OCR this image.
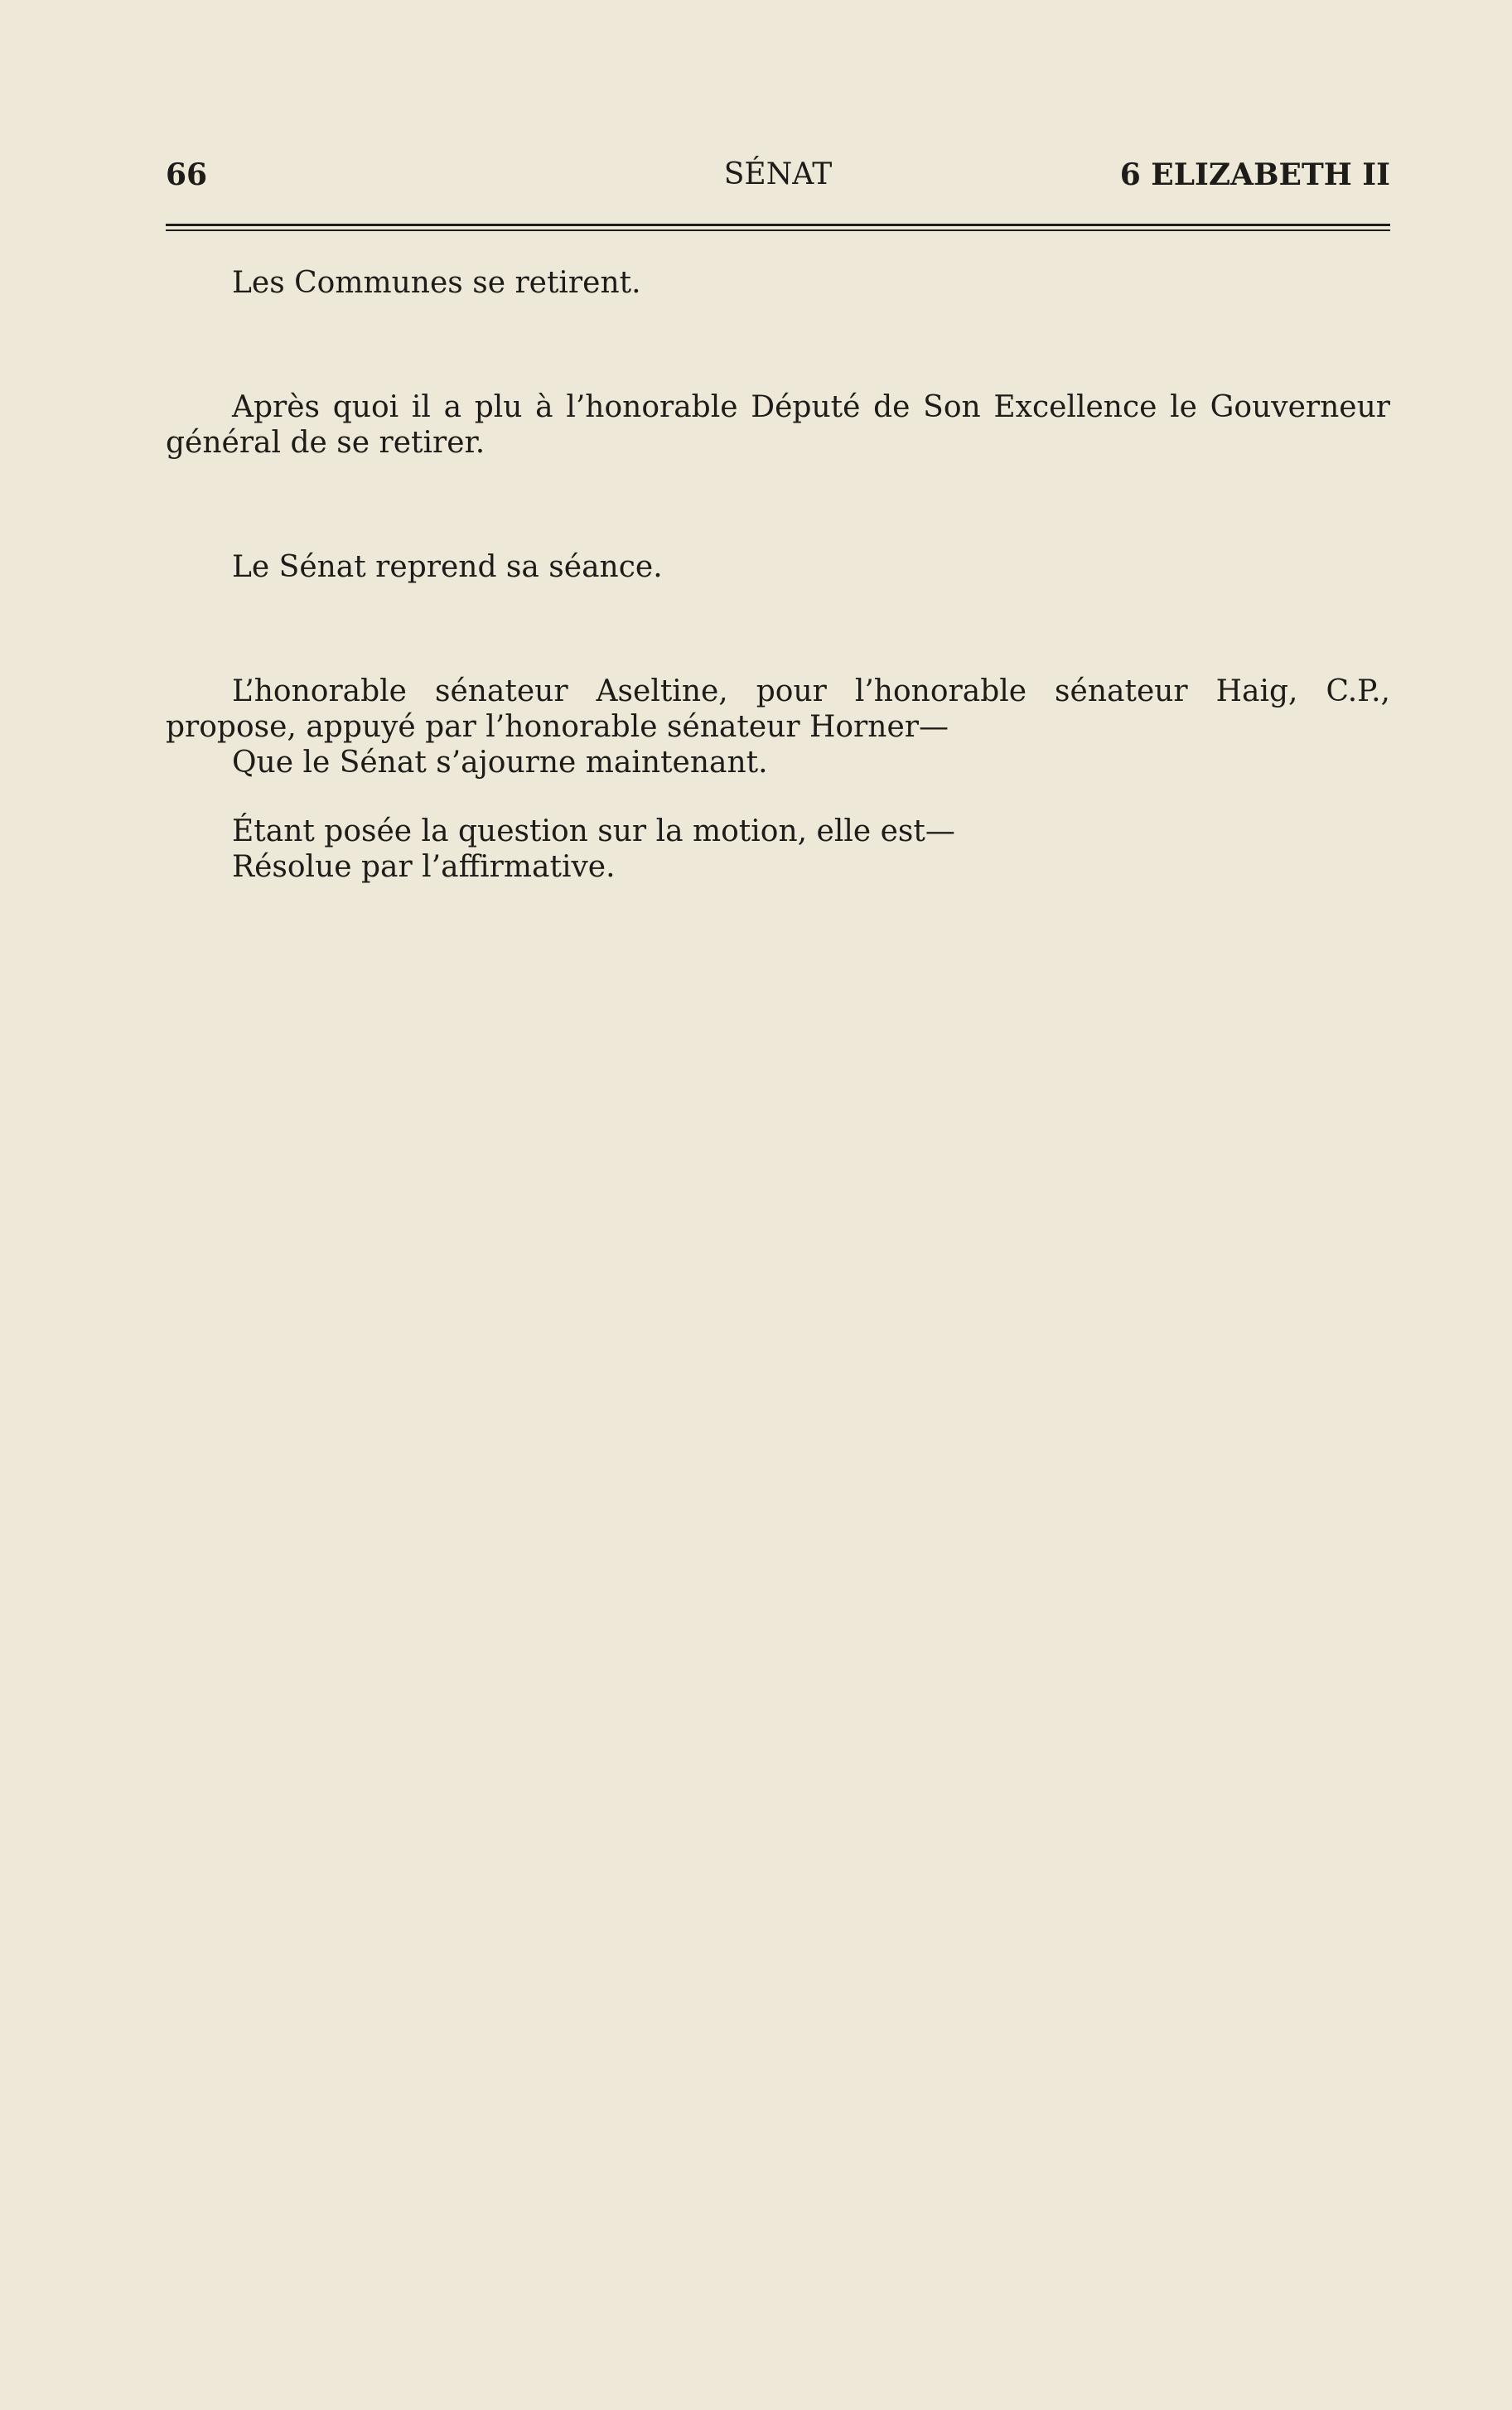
66	SÉNAT	6 ELIZABETH II

Les Communes se retirent.

Après quoi il a plu à l’honorable Député de Son Excellence le Gouverneur général de se retirer.

Le Sénat reprend sa séance.

L’honorable sénateur Aseltine, pour l’honorable sénateur Haig, C.P., propose, appuyé par l’honorable sénateur Horner—

Que le Sénat s’ajourne maintenant.

Étant posée la question sur la motion, elle est—

Résolue par l’affirmative.
